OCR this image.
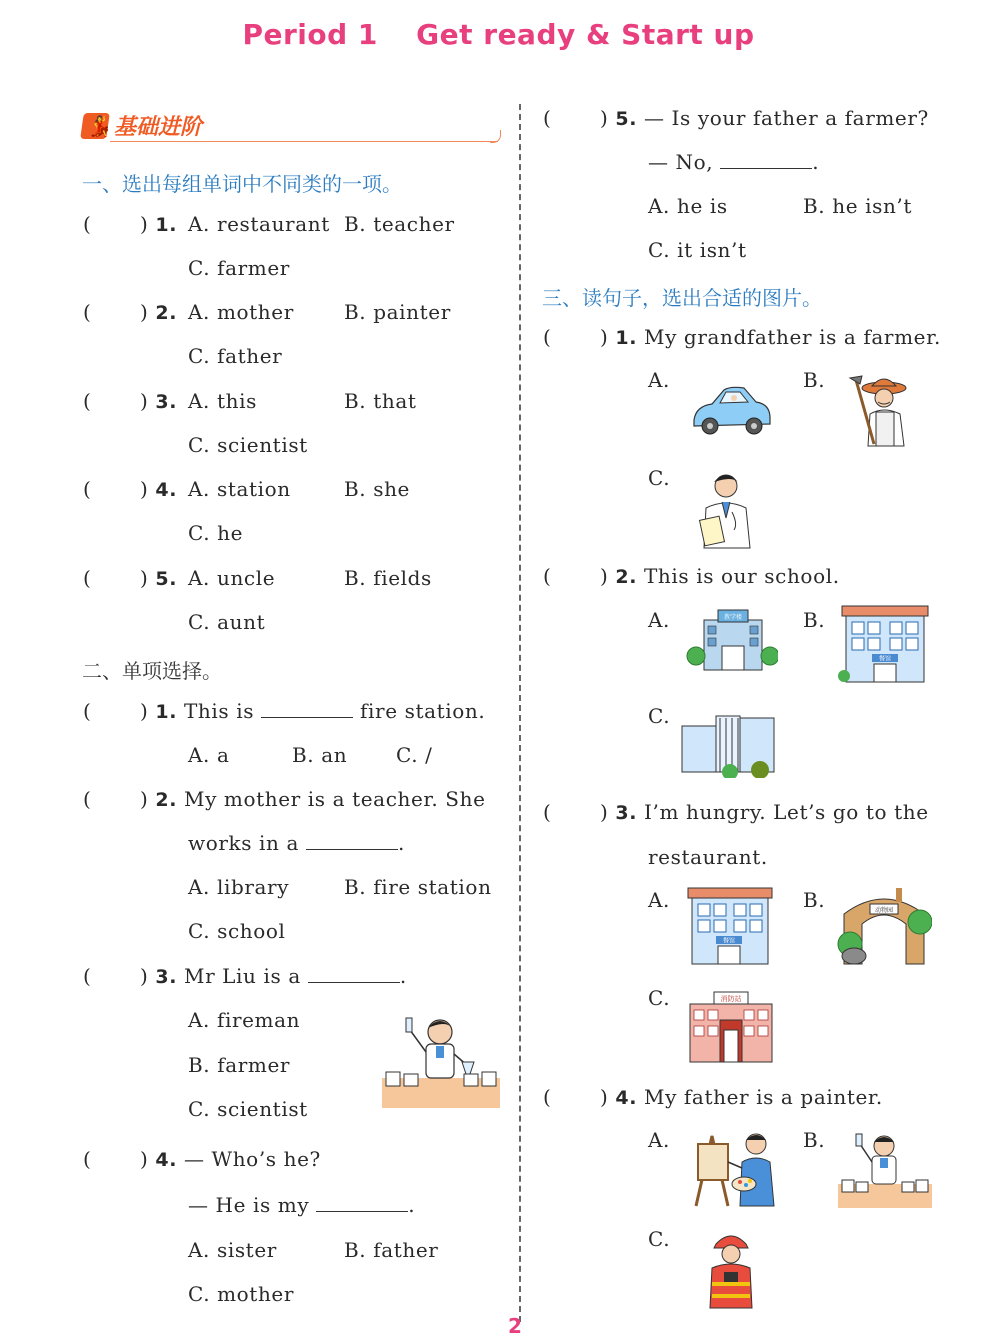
Period 1 Get ready & Start up
💃 基础进阶
一、选出每组单词中不同类的一项。
( ) 1. A. restaurant B. teacher
C. farmer
( ) 2. A. mother	B. painter
C. father
( ) 3. A. this	B. that
C. scientist
( ) 4. A. station	B. she
C. he
( ) 5. A. uncle	B. fields
C. aunt
二、单项选择。
( ) 1. This is	fire station.
A. a	B. an C. /
( ) 2. My mother is a teacher. She
works in a	.
A. library	B. fire station
C. school
( ) 3. Mr Liu is a	.
A. fireman
B. farmer
C. scientist
( ) 4. — Who’s he?
— He is my	.
A. sister	B. father
C. mother
( ) 5. — Is your father a farmer?
— No,	.
A. he is	B. he isn’t
C. it isn’t
三、读句子，选出合适的图片。
( ) 1. My grandfather is a farmer.
A.	B.
C.
( ) 2. This is our school.
A.	教学楼	B.
餐馆
C.
( ) 3. I’m hungry. Let’s go to the
restaurant.
A.
餐馆
B.	动物园
C.	消防站
( ) 4. My father is a painter.
A.	B.
C.
2
